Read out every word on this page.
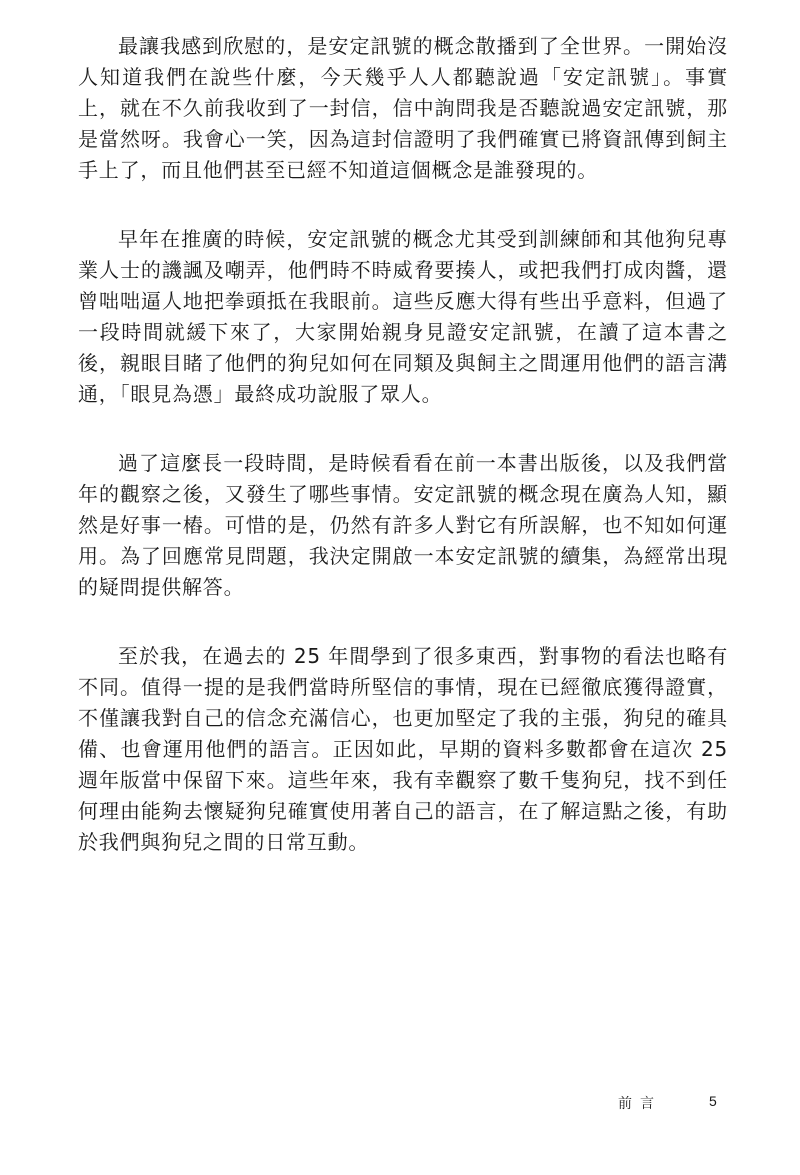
最讓我感到欣慰的，是安定訊號的概念散播到了全世界。一開始沒人知道我們在說些什麼，今天幾乎人人都聽說過「安定訊號」。事實上，就在不久前我收到了一封信，信中詢問我是否聽說過安定訊號，那是當然呀。我會心一笑，因為這封信證明了我們確實已將資訊傳到飼主手上了，而且他們甚至已經不知道這個概念是誰發現的。

早年在推廣的時候，安定訊號的概念尤其受到訓練師和其他狗兒專業人士的譏諷及嘲弄，他們時不時威脅要揍人，或把我們打成肉醬，還曾咄咄逼人地把拳頭抵在我眼前。這些反應大得有些出乎意料，但過了一段時間就緩下來了，大家開始親身見證安定訊號，在讀了這本書之後，親眼目睹了他們的狗兒如何在同類及與飼主之間運用他們的語言溝通，「眼見為憑」最終成功說服了眾人。

過了這麼長一段時間，是時候看看在前一本書出版後，以及我們當年的觀察之後，又發生了哪些事情。安定訊號的概念現在廣為人知，顯然是好事一樁。可惜的是，仍然有許多人對它有所誤解，也不知如何運用。為了回應常見問題，我決定開啟一本安定訊號的續集，為經常出現的疑問提供解答。

至於我，在過去的 25 年間學到了很多東西，對事物的看法也略有不同。值得一提的是我們當時所堅信的事情，現在已經徹底獲得證實，不僅讓我對自己的信念充滿信心，也更加堅定了我的主張，狗兒的確具備、也會運用他們的語言。正因如此，早期的資料多數都會在這次 25 週年版當中保留下來。這些年來，我有幸觀察了數千隻狗兒，找不到任何理由能夠去懷疑狗兒確實使用著自己的語言，在了解這點之後，有助於我們與狗兒之間的日常互動。

前言	5
